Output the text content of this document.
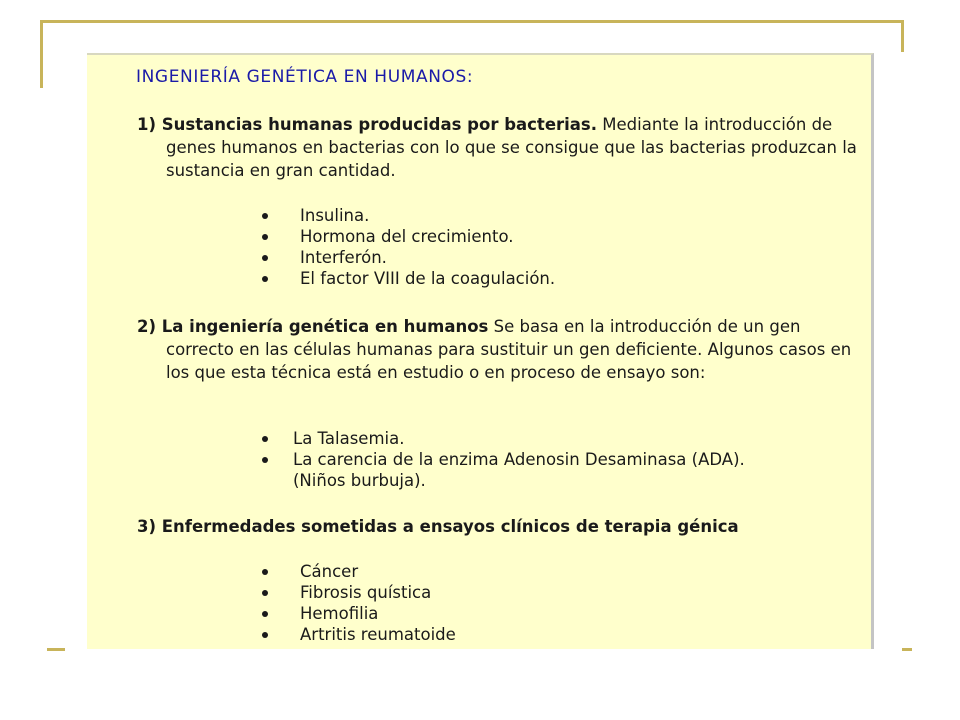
INGENIERÍA GENÉTICA EN HUMANOS:

1) Sustancias humanas producidas por bacterias. Mediante la introducción de genes humanos en bacterias con lo que se consigue que las bacterias produzcan la sustancia en gran cantidad.

Insulina.
Hormona del crecimiento.
Interferón.
El factor VIII de la coagulación.

2) La ingeniería genética en humanos Se basa en la introducción de un gen correcto en las células humanas para sustituir un gen deficiente. Algunos casos en los que esta técnica está en estudio o en proceso de ensayo son:

La Talasemia.
La carencia de la enzima Adenosin Desaminasa (ADA).
(Niños burbuja).

3) Enfermedades sometidas a ensayos clínicos de terapia génica

Cáncer
Fibrosis quística
Hemofilia
Artritis reumatoide
